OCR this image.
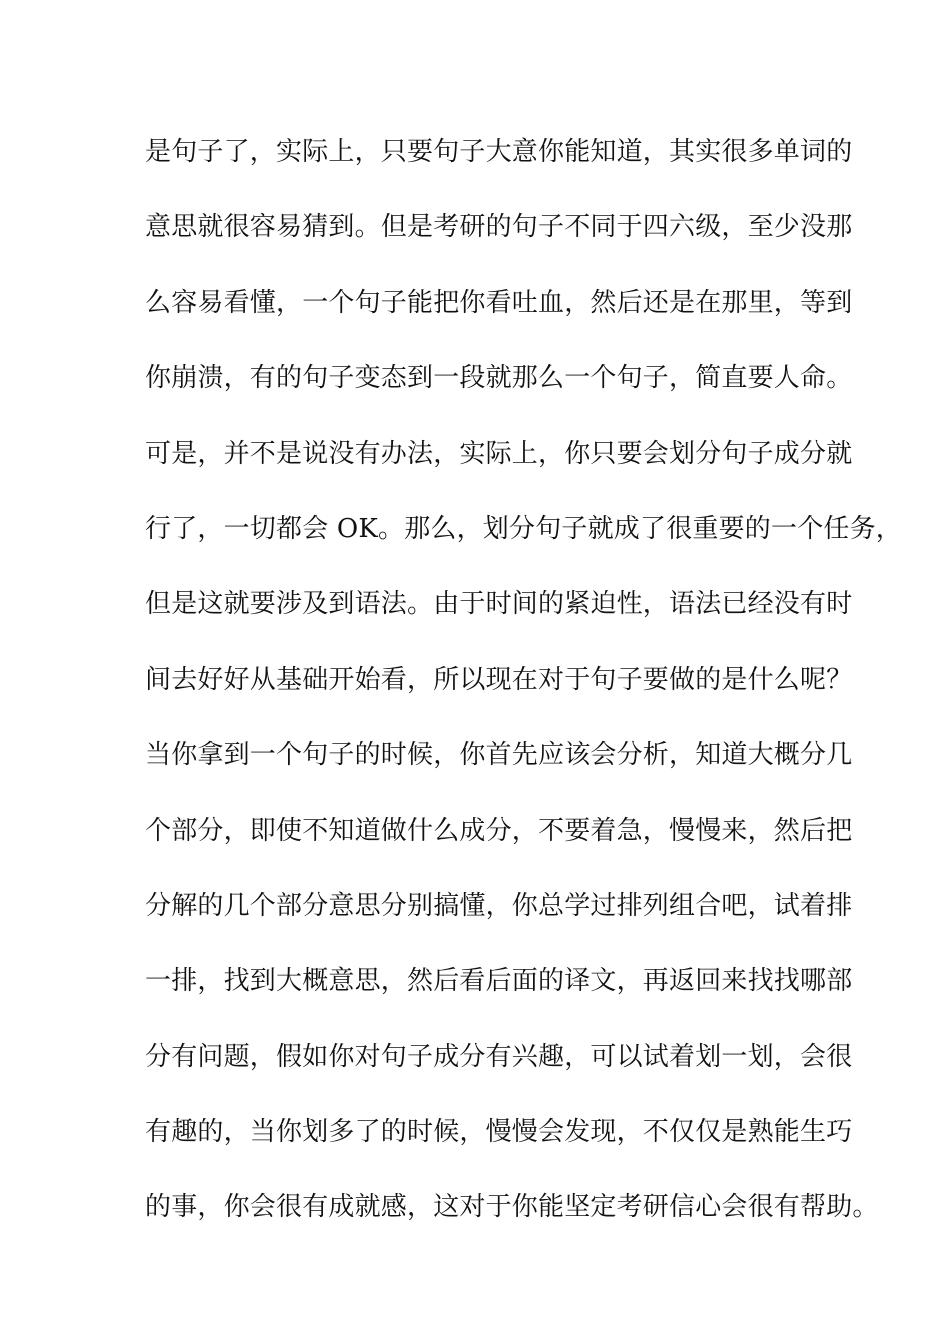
是句子了，实际上，只要句子大意你能知道，其实很多单词的
意思就很容易猜到。但是考研的句子不同于四六级，至少没那
么容易看懂，一个句子能把你看吐血，然后还是在那里，等到
你崩溃，有的句子变态到一段就那么一个句子，简直要人命。
可是，并不是说没有办法，实际上，你只要会划分句子成分就
行了，一切都会 OK。那么，划分句子就成了很重要的一个任务，
但是这就要涉及到语法。由于时间的紧迫性，语法已经没有时
间去好好从基础开始看，所以现在对于句子要做的是什么呢？
当你拿到一个句子的时候，你首先应该会分析，知道大概分几
个部分，即使不知道做什么成分，不要着急，慢慢来，然后把
分解的几个部分意思分别搞懂，你总学过排列组合吧，试着排
一排，找到大概意思，然后看后面的译文，再返回来找找哪部
分有问题，假如你对句子成分有兴趣，可以试着划一划，会很
有趣的，当你划多了的时候，慢慢会发现，不仅仅是熟能生巧
的事，你会很有成就感，这对于你能坚定考研信心会很有帮助。
